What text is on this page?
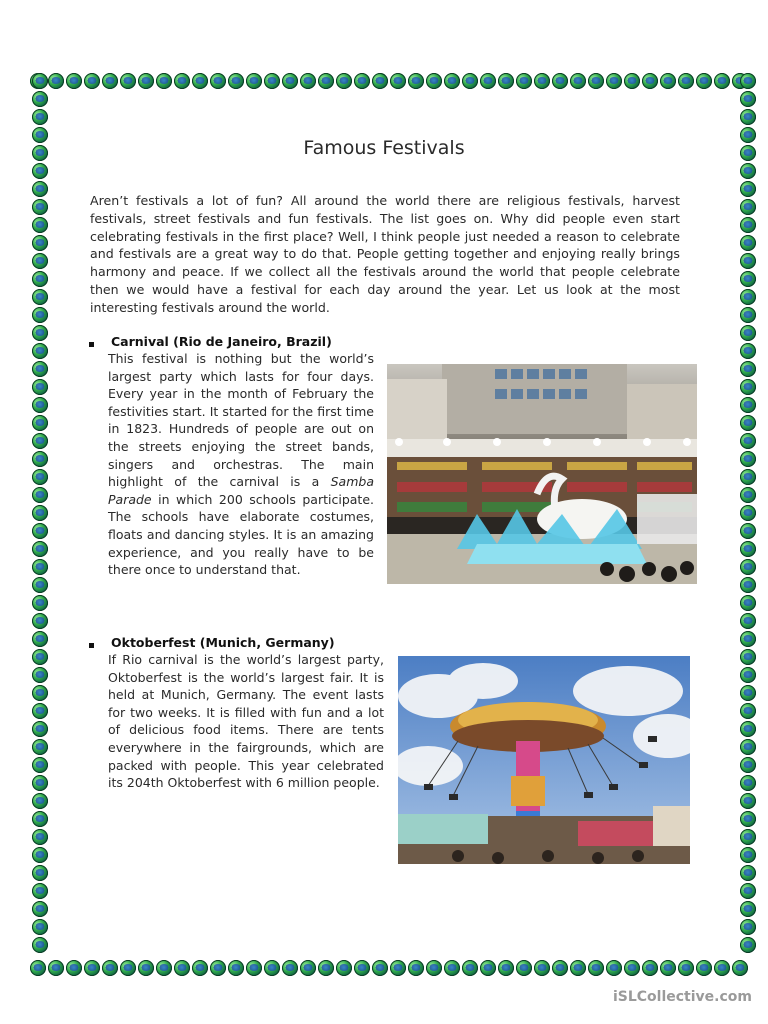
Famous Festivals
Aren’t festivals a lot of fun? All around the world there are religious festivals, harvest festivals, street festivals and fun festivals. The list goes on. Why did people even start celebrating festivals in the first place? Well, I think people just needed a reason to celebrate and festivals are a great way to do that. People getting together and enjoying really brings harmony and peace. If we collect all the festivals around the world that people celebrate then we would have a festival for each day around the year. Let us look at the most interesting festivals around the world.
Carnival (Rio de Janeiro, Brazil)
This festival is nothing but the world’s largest party which lasts for four days. Every year in the month of February the festivities start. It started for the first time in 1823. Hundreds of people are out on the streets enjoying the street bands, singers and orchestras. The main highlight of the carnival is a Samba Parade in which 200 schools participate. The schools have elaborate costumes, floats and dancing styles. It is an amazing experience, and you really have to be there once to understand that.
Oktoberfest (Munich, Germany)
If Rio carnival is the world’s largest party, Oktoberfest is the world’s largest fair. It is held at Munich, Germany. The event lasts for two weeks. It is filled with fun and a lot of delicious food items. There are tents everywhere in the fairgrounds, which are packed with people. This year celebrated its 204th Oktoberfest with 6 million people.
iSLCollective.com
